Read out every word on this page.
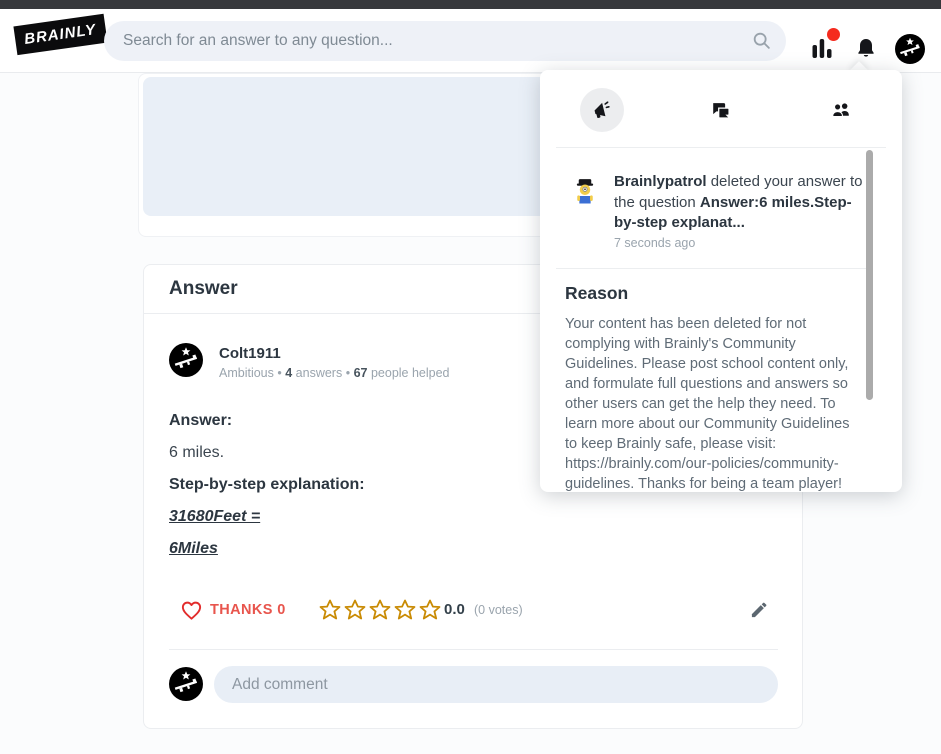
BRAINLY
Search for an answer to any question...
Answer
Colt1911
Ambitious • 4 answers • 67 people helped
Answer:
6 miles.
Step-by-step explanation:
31680Feet =
6Miles
THANKS 0	0.0 (0 votes)
Add comment
Brainlypatrol deleted your answer to the question Answer:6 miles.Step-by-step explanat...
7 seconds ago
Reason
Your content has been deleted for not complying with Brainly's Community Guidelines. Please post school content only, and formulate full questions and answers so other users can get the help they need. To learn more about our Community Guidelines to keep Brainly safe, please visit: https://brainly.com/our-policies/community-guidelines. Thanks for being a team player!
